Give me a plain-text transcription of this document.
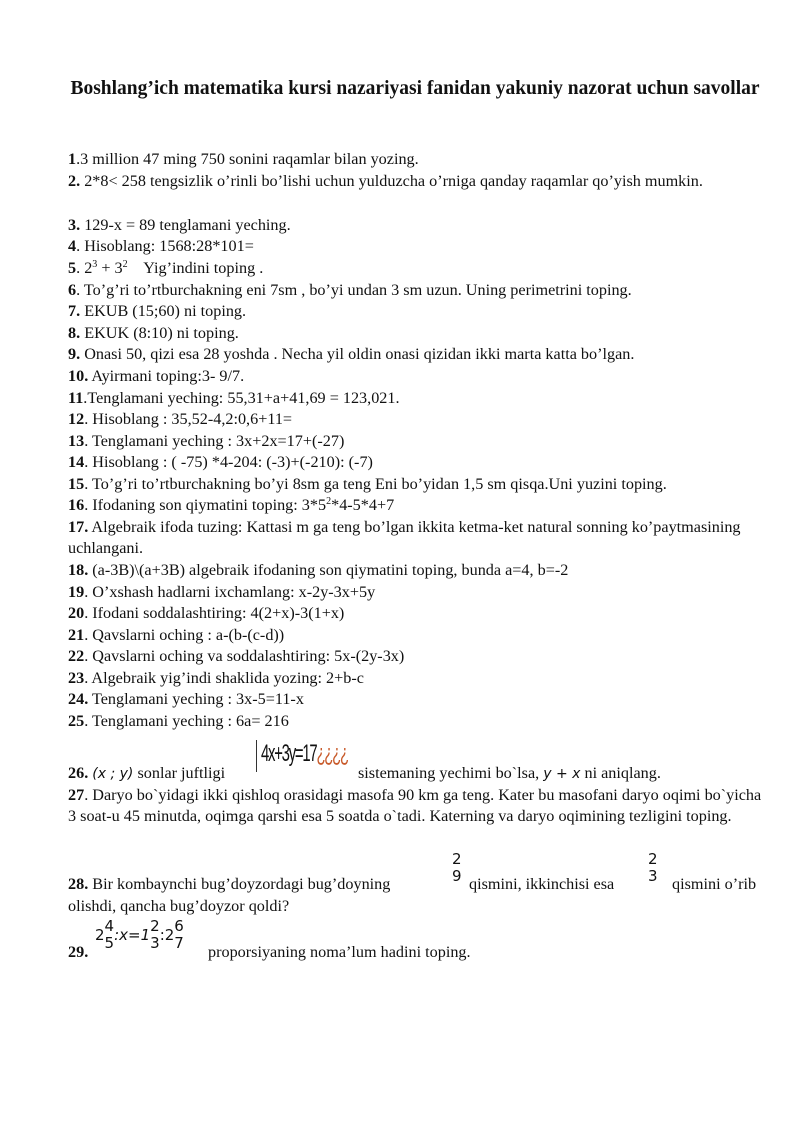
Boshlang’ich matematika kursi nazariyasi fanidan yakuniy nazorat uchun savollar
1.3 million 47 ming 750 sonini raqamlar bilan yozing.
2. 2*8< 258 tengsizlik o’rinli bo’lishi uchun yulduzcha o’rniga qanday raqamlar qo’yish mumkin.
3. 129-x = 89 tenglamani yeching.
4. Hisoblang: 1568:28*101=
5. $2^3 + 3^2$    Yig’indini toping .
6. To’g’ri to’rtburchakning eni 7sm , bo’yi undan 3 sm uzun. Uning perimetrini toping.
7. EKUB (15;60) ni toping.
8. EKUK (8:10) ni toping.
9. Onasi 50, qizi esa 28 yoshda . Necha yil oldin onasi qizidan ikki marta katta bo’lgan.
10. Ayirmani toping:3- 9/7.
11.Tenglamani yeching: 55,31+a+41,69 = 123,021.
12. Hisoblang : 35,52-4,2:0,6+11=
13. Tenglamani yeching : 3x+2x=17+(-27)
14. Hisoblang : ( -75) *4-204: (-3)+(-210): (-7)
15. To’g’ri to’rtburchakning bo’yi 8sm ga teng Eni bo’yidan 1,5 sm qisqa.Uni yuzini toping.
16. Ifodaning son qiymatini toping: $3*5^2*4-5*4+7$
17. Algebraik ifoda tuzing: Kattasi m ga teng bo’lgan ikkita ketma-ket natural sonning ko’paytmasining uchlangani.
18. (a-3B)\(a+3B) algebraik ifodaning son qiymatini toping, bunda a=4, b=-2
19. O’xshash hadlarni ixchamlang: x-2y-3x+5y
20. Ifodani soddalashtiring: 4(2+x)-3(1+x)
21. Qavslarni oching : a-(b-(c-d))
22. Qavslarni oching va soddalashtiring: 5x-(2y-3x)
23. Algebraik yig’indi shaklida yozing: 2+b-c
24. Tenglamani yeching : 3x-5=11-x
25. Tenglamani yeching : 6a= 216
26. (x ; y) sonlar juftligi
4x+3y=17¿¿¿¿
sistemaning yechimi bo`lsa, y + x ni aniqlang.
27. Daryo bo`yidagi ikki qishloq orasidagi masofa 90 km ga teng. Kater bu masofani daryo oqimi bo`yicha 3 soat-u 45 minutda, oqimga qarshi esa 5 soatda o`tadi. Katerning va daryo oqimining tezligini toping.
28. Bir kombaynchi bug’doyzordagi bug’doyning
2
9 qismini, ikkinchisi esa
2
3 qismini o’rib
olishdi, qancha bug’doyzor qoldi?
29.
2 4
5 :x=1 2
3 :2 6
7 proporsiyaning noma’lum hadini toping.
